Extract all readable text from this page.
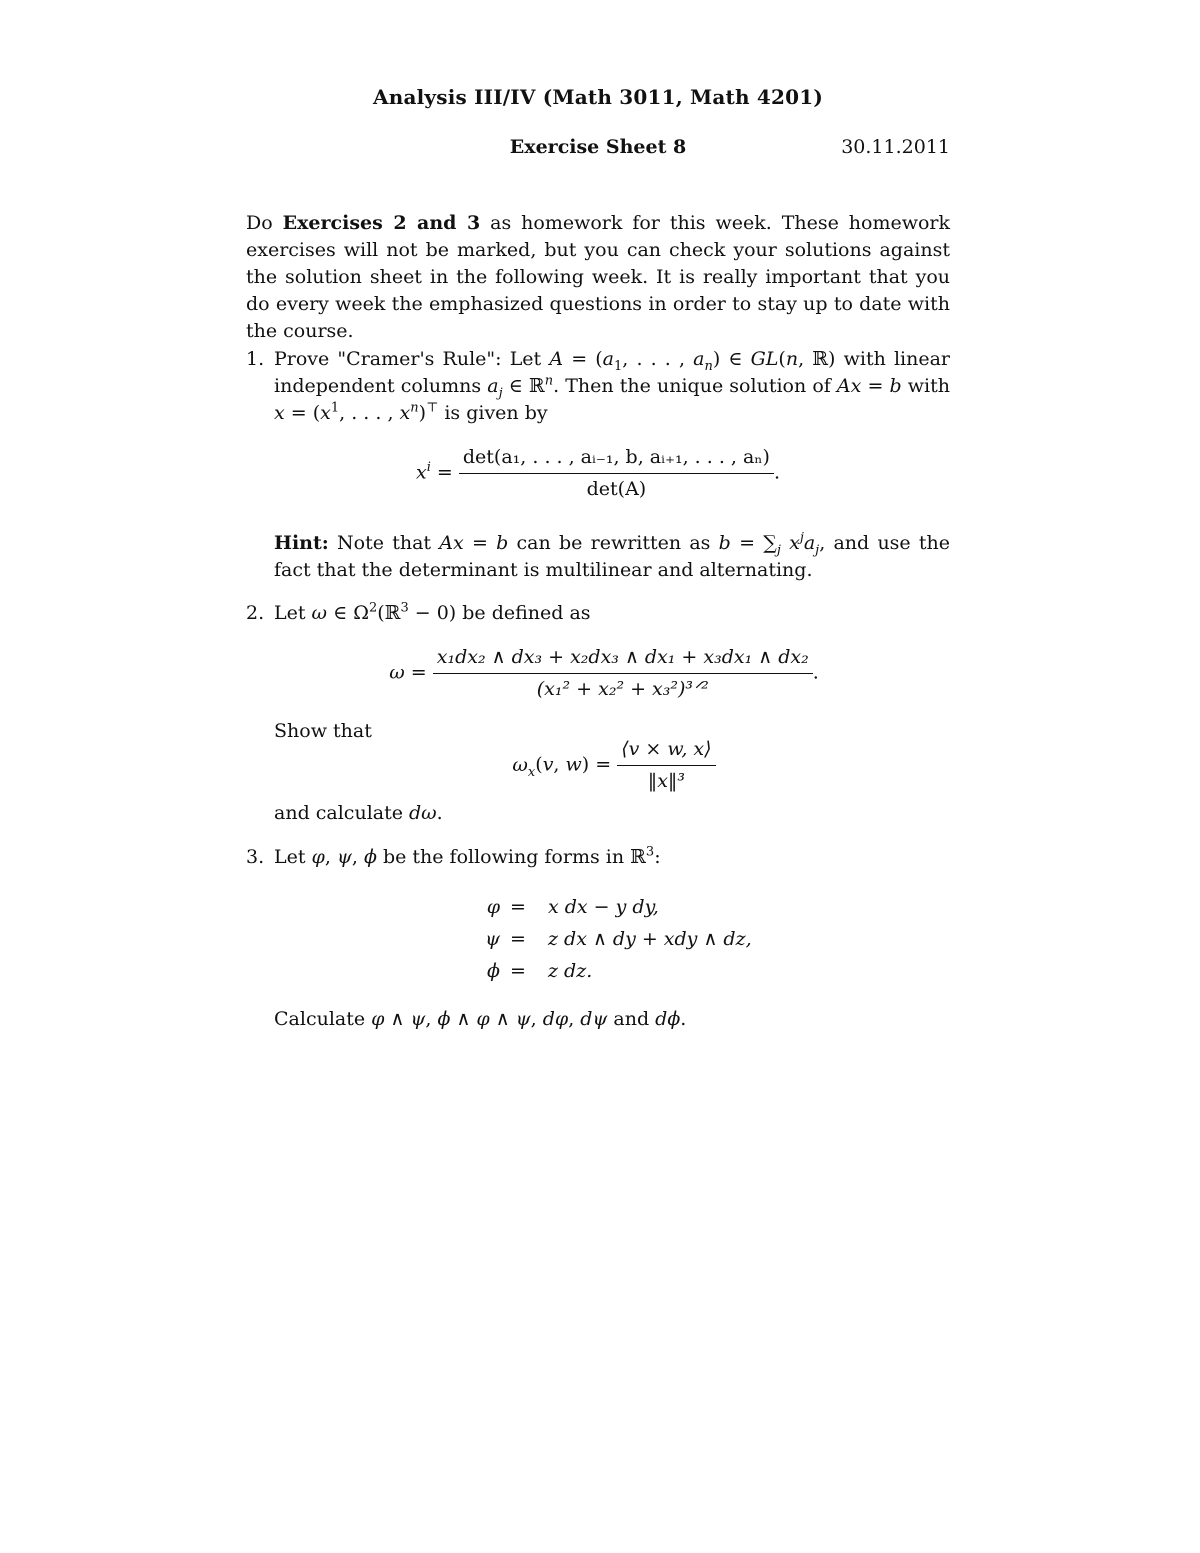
Analysis III/IV (Math 3011, Math 4201)
Exercise Sheet 8	30.11.2011
Do Exercises 2 and 3 as homework for this week. These homework exercises will not be marked, but you can check your solutions against the solution sheet in the following week. It is really important that you do every week the emphasized questions in order to stay up to date with the course.
1. Prove "Cramer's Rule": Let $A = (a_1$, . . . , $a_n$) ∈ GL(n, ℝ) with linear independent columns $a_j$ ∈ ℝ$^n$. Then the unique solution of Ax = b with $x = (x^1$, . . . , $x^n)^⊤$ is given by
$x^i = \frac{\text{det(a₁, . . . , aᵢ₋₁, b, aᵢ₊₁, . . . , aₙ)}}{\det(A)}$ .
Hint: Note that Ax = b can be rewritten as $b = \sum_j$ $x^ja_j$, and use the fact that the determinant is multilinear and alternating.
2. Let ω ∈ $\Omega^2(ℝ^3 - 0)$ be defined as
$\omega = \frac{\text{x₁dx₂ ∧ dx₃ + x₂dx₃ ∧ dx₁ + x₃dx₁ ∧ dx₂}}{\text{(x₁² + x₂² + x₃²)³ᐟ²}}$ .
Show that
$\omega_x(v$, $w) = \frac{⟨v \times w, x⟩}{\text{‖x‖³}}$
and calculate dω.
3. Let φ, ψ, ϕ be the following forms in ℝ$^3$:
φ = x dx − y dy,
ψ = z dx ∧ dy + xdy ∧ dz,
ϕ = z dz.
Calculate φ ∧ ψ, ϕ ∧ φ ∧ ψ, dφ, dψ and dϕ.
